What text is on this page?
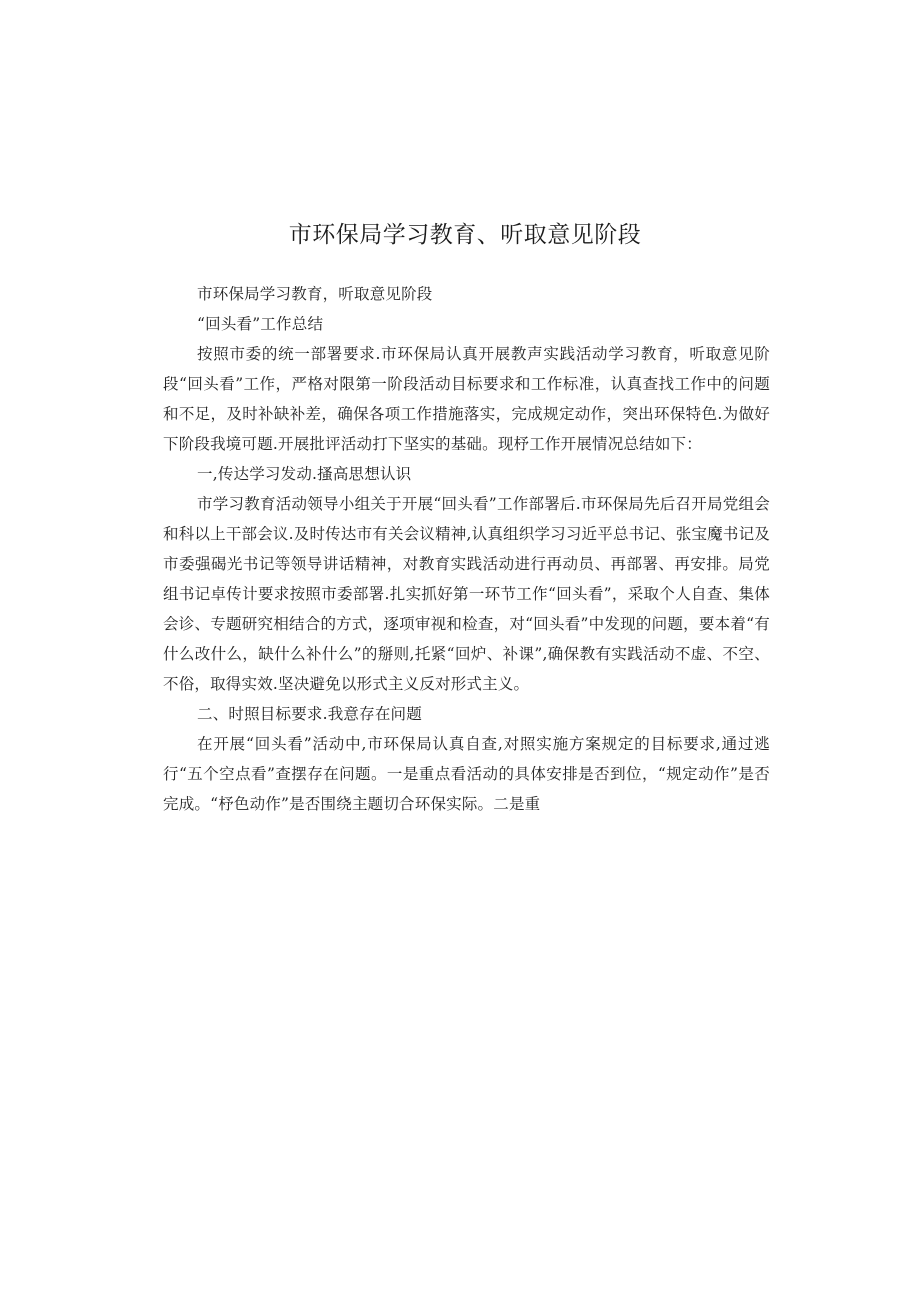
市环保局学习教育、听取意见阶段

市环保局学习教育，听取意见阶段

“回头看”工作总结

按照市委的统一部署要求.市环保局认真开展教声实践活动学习教育，听取意见阶段“回头看”工作，严格对限第一阶段活动目标要求和工作标准，认真查找工作中的问题和不足，及时补缺补差，确保各项工作措施落实，完成规定动作，突出环保特色.为做好下阶段我境可题.开展批评活动打下坚实的基础。现杼工作开展情况总结如下：

一,传达学习发动.搔高思想认识

市学习教育活动领导小组关于开展“回头看”工作部署后.市环保局先后召开局党组会和科以上干部会议.及时传达市有关会议精神,认真组织学习习近平总书记、张宝魔书记及市委强碣光书记等领导讲话精神，对教育实践活动进行再动员、再部署、再安排。局党组书记卓传计要求按照市委部署.扎实抓好第一环节工作“回头看”，采取个人自查、集体会诊、专题研究相结合的方式，逐项审视和检查，对“回头看”中发现的问题，要本着“有什么改什么，缺什么补什么”的掰则,托紧“回炉、补课”,确保教有实践活动不虚、不空、不俗，取得实效.坚决避免以形式主义反对形式主义。

二、时照目标要求.我意存在问题

在开展“回头看”活动中,市环保局认真自查,对照实施方案规定的目标要求,通过逃行“五个空点看”查摆存在问题。一是重点看活动的具体安排是否到位，“规定动作”是否完成。“杼色动作”是否围绕主题切合环保实际。二是重
